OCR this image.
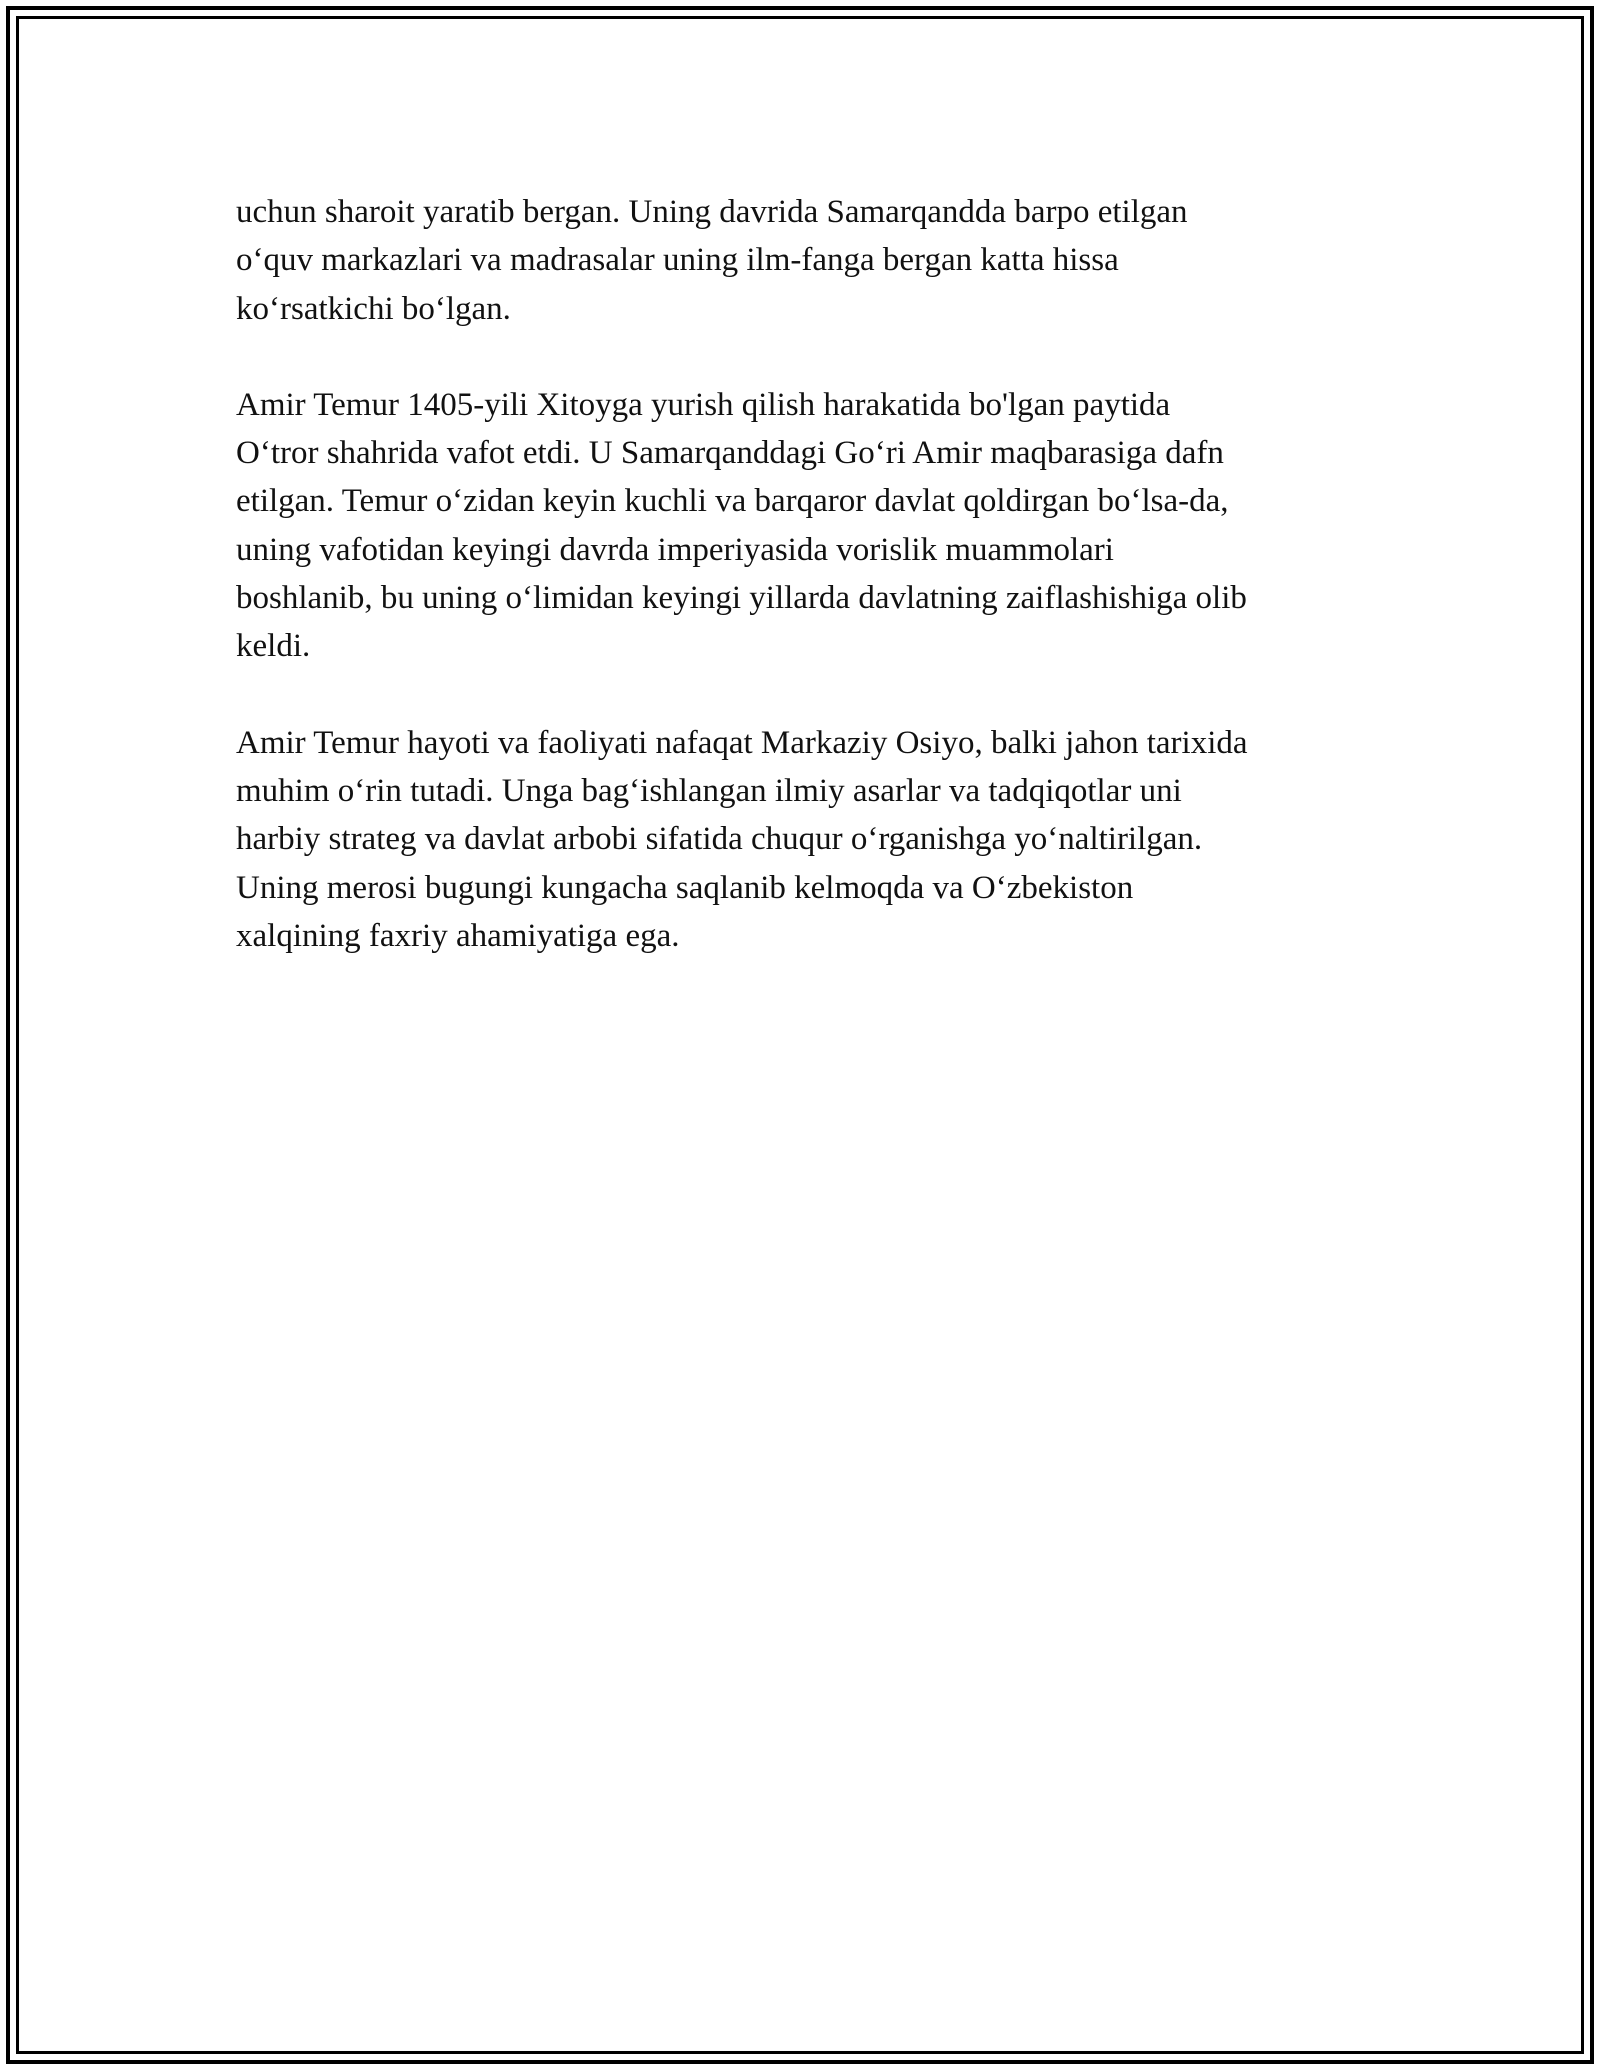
uchun sharoit yaratib bergan. Uning davrida Samarqandda barpo etilgan
o‘quv markazlari va madrasalar uning ilm-fanga bergan katta hissa
ko‘rsatkichi bo‘lgan.

Amir Temur 1405-yili Xitoyga yurish qilish harakatida bo'lgan paytida
O‘tror shahrida vafot etdi. U Samarqanddagi Go‘ri Amir maqbarasiga dafn
etilgan. Temur o‘zidan keyin kuchli va barqaror davlat qoldirgan bo‘lsa-da,
uning vafotidan keyingi davrda imperiyasida vorislik muammolari
boshlanib, bu uning o‘limidan keyingi yillarda davlatning zaiflashishiga olib
keldi.

Amir Temur hayoti va faoliyati nafaqat Markaziy Osiyo, balki jahon tarixida
muhim o‘rin tutadi. Unga bag‘ishlangan ilmiy asarlar va tadqiqotlar uni
harbiy strateg va davlat arbobi sifatida chuqur o‘rganishga yo‘naltirilgan.
Uning merosi bugungi kungacha saqlanib kelmoqda va O‘zbekiston
xalqining faxriy ahamiyatiga ega.
